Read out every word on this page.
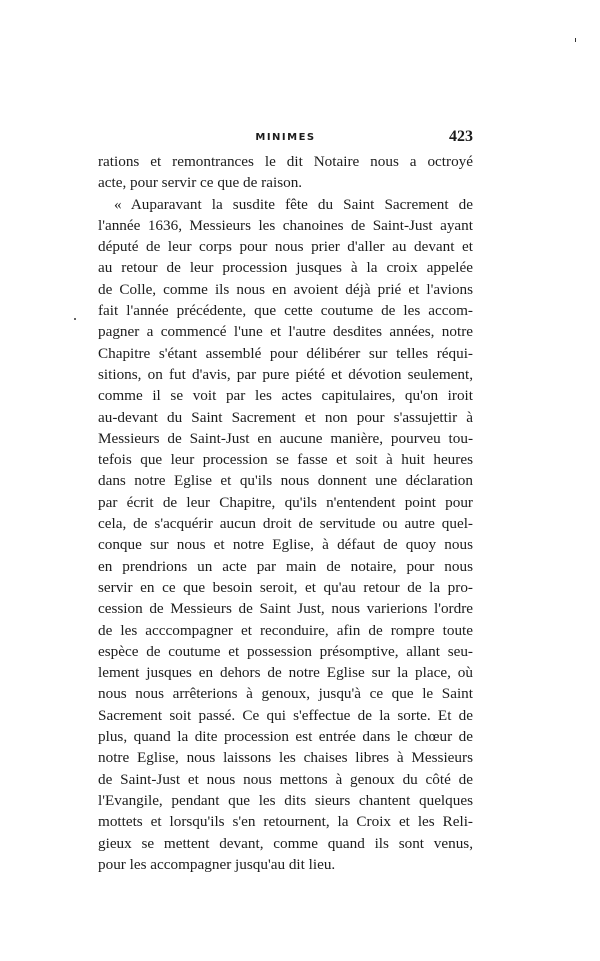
MINIMES	423
rations et remontrances le dit Notaire nous a octroyé
acte, pour servir ce que de raison.
« Auparavant la susdite fête du Saint Sacrement de
l'année 1636, Messieurs les chanoines de Saint-Just ayant
député de leur corps pour nous prier d'aller au devant et
au retour de leur procession jusques à la croix appelée
de Colle, comme ils nous en avoient déjà prié et l'avions
fait l'année précédente, que cette coutume de les accom-
pagner a commencé l'une et l'autre desdites années, notre
Chapitre s'étant assemblé pour délibérer sur telles réqui-
sitions, on fut d'avis, par pure piété et dévotion seulement,
comme il se voit par les actes capitulaires, qu'on iroit
au-devant du Saint Sacrement et non pour s'assujettir à
Messieurs de Saint-Just en aucune manière, pourveu tou-
tefois que leur procession se fasse et soit à huit heures
dans notre Eglise et qu'ils nous donnent une déclaration
par écrit de leur Chapitre, qu'ils n'entendent point pour
cela, de s'acquérir aucun droit de servitude ou autre quel-
conque sur nous et notre Eglise, à défaut de quoy nous
en prendrions un acte par main de notaire, pour nous
servir en ce que besoin seroit, et qu'au retour de la pro-
cession de Messieurs de Saint Just, nous varierions l'ordre
de les acccompagner et reconduire, afin de rompre toute
espèce de coutume et possession présomptive, allant seu-
lement jusques en dehors de notre Eglise sur la place, où
nous nous arrêterions à genoux, jusqu'à ce que le Saint
Sacrement soit passé. Ce qui s'effectue de la sorte. Et de
plus, quand la dite procession est entrée dans le chœur de
notre Eglise, nous laissons les chaises libres à Messieurs
de Saint-Just et nous nous mettons à genoux du côté de
l'Evangile, pendant que les dits sieurs chantent quelques
mottets et lorsqu'ils s'en retournent, la Croix et les Reli-
gieux se mettent devant, comme quand ils sont venus,
pour les accompagner jusqu'au dit lieu.
